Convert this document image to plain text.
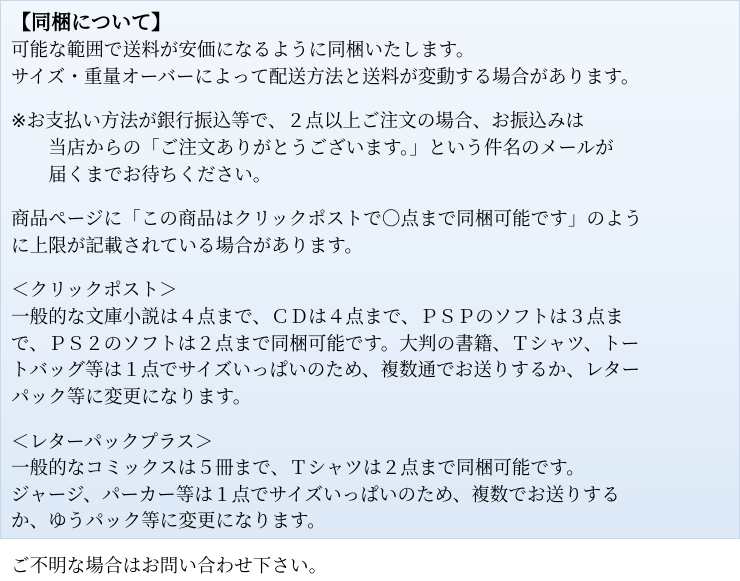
【同梱について】
可能な範囲で送料が安価になるように同梱いたします。
サイズ・重量オーバーによって配送方法と送料が変動する場合があります。
※お支払い方法が銀行振込等で、２点以上ご注文の場合、お振込みは
　　当店からの「ご注文ありがとうございます。」という件名のメールが
　　届くまでお待ちください。
商品ページに「この商品はクリックポストで〇点まで同梱可能です」のよう
に上限が記載されている場合があります。
＜クリックポスト＞
一般的な文庫小説は４点まで、ＣＤは４点まで、ＰＳＰのソフトは３点ま
で、ＰＳ２のソフトは２点まで同梱可能です。大判の書籍、Ｔシャツ、トー
トバッグ等は１点でサイズいっぱいのため、複数通でお送りするか、レター
パック等に変更になります。
＜レターパックプラス＞
一般的なコミックスは５冊まで、Ｔシャツは２点まで同梱可能です。
ジャージ、パーカー等は１点でサイズいっぱいのため、複数でお送りする
か、ゆうパック等に変更になります。
ご不明な場合はお問い合わせ下さい。
